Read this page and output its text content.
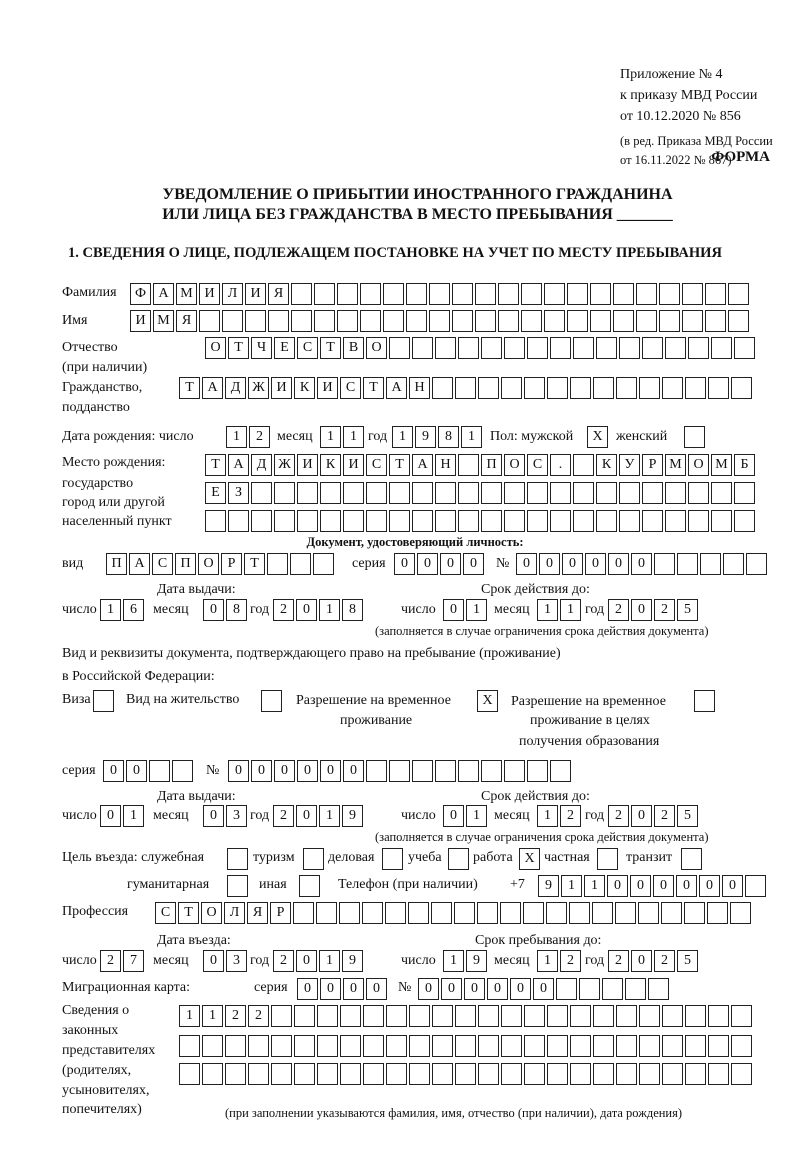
Приложение № 4
к приказу МВД России
от 10.12.2020 № 856
(в ред. Приказа МВД России
от 16.11.2022 № 867)
ФОРМА
УВЕДОМЛЕНИЕ О ПРИБЫТИИ ИНОСТРАННОГО ГРАЖДАНИНА
ИЛИ ЛИЦА БЕЗ ГРАЖДАНСТВА В МЕСТО ПРЕБЫВАНИЯ _______
1. СВЕДЕНИЯ О ЛИЦЕ, ПОДЛЕЖАЩЕМ ПОСТАНОВКЕ НА УЧЕТ ПО МЕСТУ ПРЕБЫВАНИЯ
Фамилия	Ф А М И Л И Я
Имя	И М Я
Отчество
(при наличии)
О Т	Ч	Е	С	Т	В О
Гражданство,
подданство
Т А Д Ж И К И С	Т А Н
Дата рождения: число	1	2	месяц	1	1 год 1	9	8	1	Пол: мужской	X женский
Место рождения:
государство
город или другой
населенный пункт
Т А Д Ж И К И С	Т А Н	П О С	.	К У	Р М О М Б
Е	З
Документ, удостоверяющий личность:
вид	П А С П О	Р	Т	серия	0	0	0	0	№ 0	0	0	0	0	0
Дата выдачи:	Срок действия до:
число 1	6	месяц	0	8 год 2	0	1	8	число	0	1	месяц	1	1 год 2	0	2	5
(заполняется в случае ограничения срока действия документа)
Вид и реквизиты документа, подтверждающего право на пребывание (проживание)
в Российской Федерации:
Виза	Вид на жительство	Разрешение на временное
проживание
X	Разрешение на временное
проживание в целях
получения образования
серия	0	0	№	0	0	0	0	0	0
Дата выдачи:	Срок действия до:
число 0	1	месяц	0	3 год 2	0	1	9	число	0	1	месяц	1	2 год 2	0	2	5
(заполняется в случае ограничения срока действия документа)
Цель въезда: служебная	туризм деловая учеба работа X частная	транзит
гуманитарная	иная	Телефон (при наличии) +7	9	1	1	0	0	0	0	0	0
Профессия	С	Т О Л Я	Р
Дата въезда:	Срок пребывания до:
число 2	7	месяц	0	3 год 2	0	1	9	число	1	9	месяц	1	2 год 2	0	2	5
Миграционная карта:	серия	0	0	0	0	№ 0	0	0	0	0	0
Сведения о
законных
представителях
(родителях,
усыновителях,
попечителях)
1	1	2	2
(при заполнении указываются фамилия, имя, отчество (при наличии), дата рождения)
